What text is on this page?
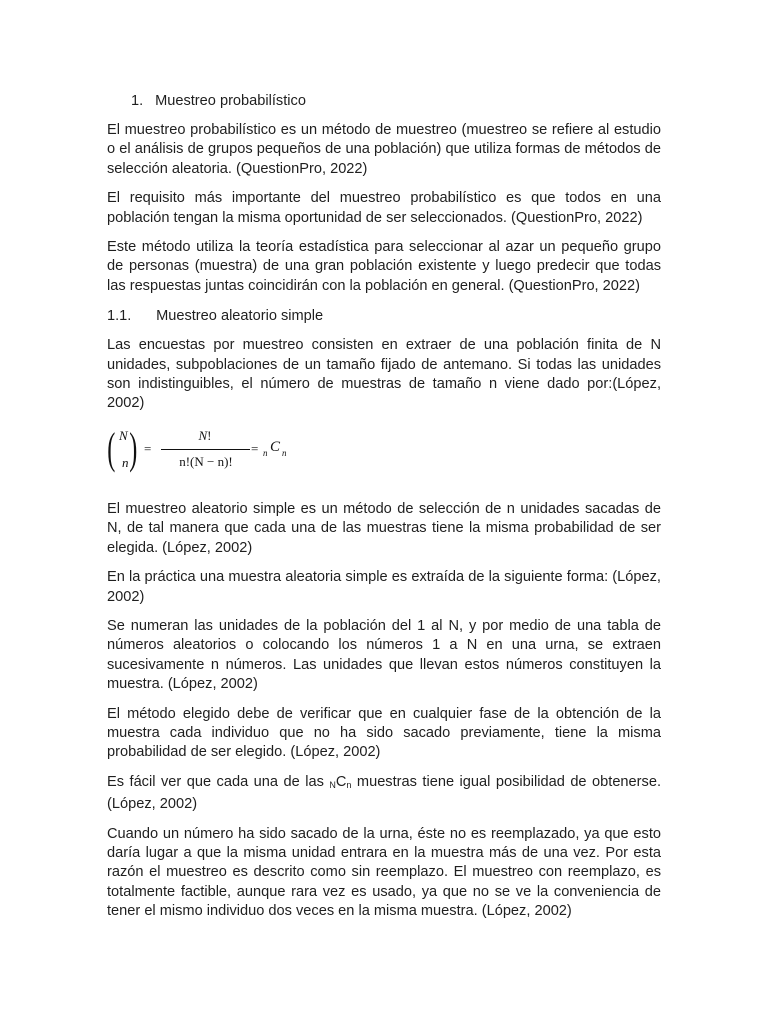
1. Muestreo probabilístico

El muestreo probabilístico es un método de muestreo (muestreo se refiere al estudio o el análisis de grupos pequeños de una población) que utiliza formas de métodos de selección aleatoria. (QuestionPro, 2022)

El requisito más importante del muestreo probabilístico es que todos en una población tengan la misma oportunidad de ser seleccionados. (QuestionPro, 2022)

Este método utiliza la teoría estadística para seleccionar al azar un pequeño grupo de personas (muestra) de una gran población existente y luego predecir que todas las respuestas juntas coincidirán con la población en general. (QuestionPro, 2022)

1.1. Muestreo aleatorio simple

Las encuestas por muestreo consisten en extraer de una población finita de N unidades, subpoblaciones de un tamaño fijado de antemano. Si todas las unidades son indistinguibles, el número de muestras de tamaño n viene dado por:(López, 2002)

( N
n ) =
N!
n!(N − n)!
= n C n

El muestreo aleatorio simple es un método de selección de n unidades sacadas de N, de tal manera que cada una de las muestras tiene la misma probabilidad de ser elegida. (López, 2002)

En la práctica una muestra aleatoria simple es extraída de la siguiente forma: (López, 2002)

Se numeran las unidades de la población del 1 al N, y por medio de una tabla de números aleatorios o colocando los números 1 a N en una urna, se extraen sucesivamente n números. Las unidades que llevan estos números constituyen la muestra. (López, 2002)

El método elegido debe de verificar que en cualquier fase de la obtención de la muestra cada individuo que no ha sido sacado previamente, tiene la misma probabilidad de ser elegido. (López, 2002)

Es fácil ver que cada una de las NCn muestras tiene igual posibilidad de obtenerse. (López, 2002)

Cuando un número ha sido sacado de la urna, éste no es reemplazado, ya que esto daría lugar a que la misma unidad entrara en la muestra más de una vez. Por esta razón el muestreo es descrito como sin reemplazo. El muestreo con reemplazo, es totalmente factible, aunque rara vez es usado, ya que no se ve la conveniencia de tener el mismo individuo dos veces en la misma muestra. (López, 2002)
